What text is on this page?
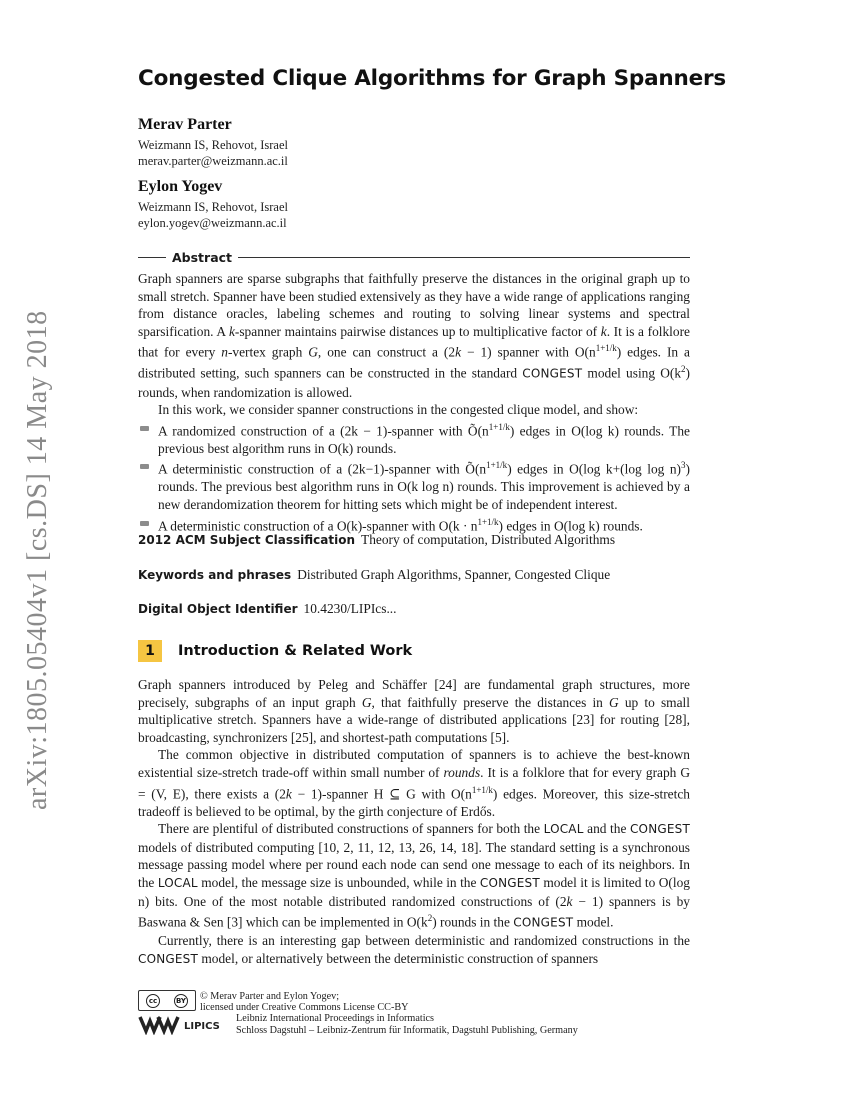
arXiv:1805.05404v1 [cs.DS] 14 May 2018
Congested Clique Algorithms for Graph Spanners
Merav Parter
Weizmann IS, Rehovot, Israel
merav.parter@weizmann.ac.il
Eylon Yogev
Weizmann IS, Rehovot, Israel
eylon.yogev@weizmann.ac.il
Abstract

Graph spanners are sparse subgraphs that faithfully preserve the distances in the original graph up to small stretch. Spanner have been studied extensively as they have a wide range of applications ranging from distance oracles, labeling schemes and routing to solving linear systems and spectral sparsification. A k-spanner maintains pairwise distances up to multiplicative factor of k. It is a folklore that for every n-vertex graph G, one can construct a (2k − 1) spanner with $O(n^{1+1/k})$ edges. In a distributed setting, such spanners can be constructed in the standard CONGEST model using $O(k^2)$ rounds, when randomization is allowed.

In this work, we consider spanner constructions in the congested clique model, and show:

A randomized construction of a (2k − 1)-spanner with $Õ(n^{1+1/k})$ edges in O(log k) rounds. The previous best algorithm runs in O(k) rounds.
A deterministic construction of a (2k−1)-spanner with $Õ(n^{1+1/k})$ edges in O(log k+(log log n)$^3$) rounds. The previous best algorithm runs in O(k log n) rounds. This improvement is achieved by a new derandomization theorem for hitting sets which might be of independent interest.
A deterministic construction of a O(k)-spanner with $O(k \cdot n^{1+1/k})$ edges in O(log k) rounds.
2012 ACM Subject Classification Theory of computation, Distributed Algorithms
Keywords and phrases Distributed Graph Algorithms, Spanner, Congested Clique
Digital Object Identifier 10.4230/LIPIcs...
1	Introduction & Related Work

Graph spanners introduced by Peleg and Schäffer [24] are fundamental graph structures, more precisely, subgraphs of an input graph G, that faithfully preserve the distances in G up to small multiplicative stretch. Spanners have a wide-range of distributed applications [23] for routing [28], broadcasting, synchronizers [25], and shortest-path computations [5].

The common objective in distributed computation of spanners is to achieve the best-known existential size-stretch trade-off within small number of rounds. It is a folklore that for every graph G = (V, E), there exists a (2k − 1)-spanner H ⊆ G with $O(n^{1+1/k})$ edges. Moreover, this size-stretch tradeoff is believed to be optimal, by the girth conjecture of Erdős.

There are plentiful of distributed constructions of spanners for both the LOCAL and the CONGEST models of distributed computing [10, 2, 11, 12, 13, 26, 14, 18]. The standard setting is a synchronous message passing model where per round each node can send one message to each of its neighbors. In the LOCAL model, the message size is unbounded, while in the CONGEST model it is limited to O(log n) bits. One of the most notable distributed randomized constructions of (2k − 1) spanners is by Baswana & Sen [3] which can be implemented in $O(k^2)$ rounds in the CONGEST model.

Currently, there is an interesting gap between deterministic and randomized constructions in the CONGEST model, or alternatively between the deterministic construction of spanners

cc	BY
LIPICS
© Merav Parter and Eylon Yogev;
licensed under Creative Commons License CC-BY
Leibniz International Proceedings in Informatics
Schloss Dagstuhl – Leibniz-Zentrum für Informatik, Dagstuhl Publishing, Germany
